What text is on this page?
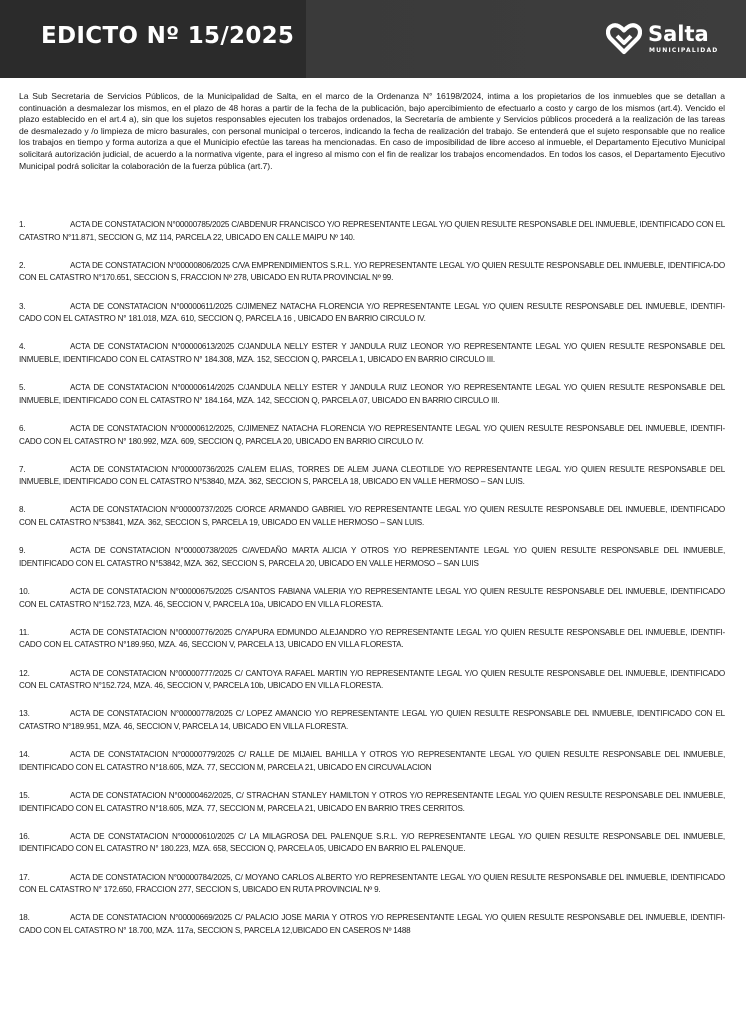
EDICTO Nº 15/2025	Salta
MUNICIPALIDAD
La Sub Secretaria de Servicios Públicos, de la Municipalidad de Salta, en el marco de la Ordenanza N° 16198/2024, intima a los propietarios de los inmuebles que se detallan a continuación a desmalezar los mismos, en el plazo de 48 horas a partir de la fecha de la publicación, bajo apercibimiento de efectuarlo a costo y cargo de los mismos (art.4). Vencido el plazo establecido en el art.4 a), sin que los sujetos responsables ejecuten los trabajos ordenados, la Secretaría de ambiente y Servicios públicos procederá a la realización de las tareas de desmalezado y /o limpieza de micro basurales, con personal municipal o terceros, indicando la fecha de realización del trabajo. Se entenderá que el sujeto responsable que no realice los trabajos en tiempo y forma autoriza a que el Municipio efectúe las tareas ha mencionadas. En caso de imposibilidad de libre acceso al inmueble, el Departamento Ejecutivo Municipal solicitará autorización judicial, de acuerdo a la normativa vigente, para el ingreso al mismo con el fin de realizar los trabajos encomendados. En todos los casos, el Departamento Ejecutivo Municipal podrá solicitar la colaboración de la fuerza pública (art.7).
1.	ACTA DE CONSTATACION N°00000785/2025 C/ABDENUR FRANCISCO Y/O REPRESENTANTE LEGAL Y/O QUIEN RESULTE RESPONSABLE DEL INMUEBLE, IDENTIFICADO CON EL CATASTRO N°11.871, SECCION G, MZ 114, PARCELA 22, UBICADO EN CALLE MAIPU Nº 140.
2.	ACTA DE CONSTATACION N°00000806/2025 C/VA EMPRENDIMIENTOS S.R.L. Y/O REPRESENTANTE LEGAL Y/O QUIEN RESULTE RESPONSABLE DEL INMUEBLE, IDENTIFICA-DO CON EL CATASTRO N°170.651, SECCION S, FRACCION Nº 278, UBICADO EN RUTA PROVINCIAL Nº 99.
3.	ACTA DE CONSTATACION N°00000611/2025 C/JIMENEZ NATACHA FLORENCIA Y/O REPRESENTANTE LEGAL Y/O QUIEN RESULTE RESPONSABLE DEL INMUEBLE, IDENTIFI-CADO CON EL CATASTRO N° 181.018, MZA. 610, SECCION Q, PARCELA 16 , UBICADO EN BARRIO CIRCULO IV.
4.	ACTA DE CONSTATACION N°00000613/2025 C/JANDULA NELLY ESTER Y JANDULA RUIZ LEONOR Y/O REPRESENTANTE LEGAL Y/O QUIEN RESULTE RESPONSABLE DEL INMUEBLE, IDENTIFICADO CON EL CATASTRO N° 184.308, MZA. 152, SECCION Q, PARCELA 1, UBICADO EN BARRIO CIRCULO III.
5.	ACTA DE CONSTATACION N°00000614/2025 C/JANDULA NELLY ESTER Y JANDULA RUIZ LEONOR Y/O REPRESENTANTE LEGAL Y/O QUIEN RESULTE RESPONSABLE DEL INMUEBLE, IDENTIFICADO CON EL CATASTRO N° 184.164, MZA. 142, SECCION Q, PARCELA 07, UBICADO EN BARRIO CIRCULO III.
6.	ACTA DE CONSTATACION N°00000612/2025, C/JIMENEZ NATACHA FLORENCIA Y/O REPRESENTANTE LEGAL Y/O QUIEN RESULTE RESPONSABLE DEL INMUEBLE, IDENTIFI-CADO CON EL CATASTRO N° 180.992, MZA. 609, SECCION Q, PARCELA 20, UBICADO EN BARRIO CIRCULO IV.
7.	ACTA DE CONSTATACION N°00000736/2025 C/ALEM ELIAS, TORRES DE ALEM JUANA CLEOTILDE Y/O REPRESENTANTE LEGAL Y/O QUIEN RESULTE RESPONSABLE DEL INMUEBLE, IDENTIFICADO CON EL CATASTRO N°53840, MZA. 362, SECCION S, PARCELA 18, UBICADO EN VALLE HERMOSO – SAN LUIS.
8.	ACTA DE CONSTATACION N°00000737/2025 C/ORCE ARMANDO GABRIEL Y/O REPRESENTANTE LEGAL Y/O QUIEN RESULTE RESPONSABLE DEL INMUEBLE, IDENTIFICADO CON EL CATASTRO N°53841, MZA. 362, SECCION S, PARCELA 19, UBICADO EN VALLE HERMOSO – SAN LUIS.
9.	ACTA DE CONSTATACION N°00000738/2025 C/AVEDAÑO MARTA ALICIA Y OTROS Y/O REPRESENTANTE LEGAL Y/O QUIEN RESULTE RESPONSABLE DEL INMUEBLE, IDENTIFICADO CON EL CATASTRO N°53842, MZA. 362, SECCION S, PARCELA 20, UBICADO EN VALLE HERMOSO – SAN LUIS
10.	ACTA DE CONSTATACION N°00000675/2025 C/SANTOS FABIANA VALERIA Y/O REPRESENTANTE LEGAL Y/O QUIEN RESULTE RESPONSABLE DEL INMUEBLE, IDENTIFICADO CON EL CATASTRO N°152.723, MZA. 46, SECCION V, PARCELA 10a, UBICADO EN VILLA FLORESTA.
11.	ACTA DE CONSTATACION N°00000776/2025 C/YAPURA EDMUNDO ALEJANDRO Y/O REPRESENTANTE LEGAL Y/O QUIEN RESULTE RESPONSABLE DEL INMUEBLE, IDENTIFI-CADO CON EL CATASTRO N°189.950, MZA. 46, SECCION V, PARCELA 13, UBICADO EN VILLA FLORESTA.
12.	ACTA DE CONSTATACION N°00000777/2025 C/ CANTOYA RAFAEL MARTIN Y/O REPRESENTANTE LEGAL Y/O QUIEN RESULTE RESPONSABLE DEL INMUEBLE, IDENTIFICADO CON EL CATASTRO N°152.724, MZA. 46, SECCION V, PARCELA 10b, UBICADO EN VILLA FLORESTA.
13.	ACTA DE CONSTATACION N°00000778/2025 C/ LOPEZ AMANCIO Y/O REPRESENTANTE LEGAL Y/O QUIEN RESULTE RESPONSABLE DEL INMUEBLE, IDENTIFICADO CON EL CATASTRO N°189.951, MZA. 46, SECCION V, PARCELA 14, UBICADO EN VILLA FLORESTA.
14.	ACTA DE CONSTATACION N°00000779/2025 C/ RALLE DE MIJAIEL BAHILLA Y OTROS Y/O REPRESENTANTE LEGAL Y/O QUIEN RESULTE RESPONSABLE DEL INMUEBLE, IDENTIFICADO CON EL CATASTRO N°18.605, MZA. 77, SECCION M, PARCELA 21, UBICADO EN CIRCUVALACION
15.	ACTA DE CONSTATACION N°00000462/2025, C/ STRACHAN STANLEY HAMILTON Y OTROS Y/O REPRESENTANTE LEGAL Y/O QUIEN RESULTE RESPONSABLE DEL INMUEBLE, IDENTIFICADO CON EL CATASTRO N°18.605, MZA. 77, SECCION M, PARCELA 21, UBICADO EN BARRIO TRES CERRITOS.
16.	ACTA DE CONSTATACION N°00000610/2025 C/ LA MILAGROSA DEL PALENQUE S.R.L. Y/O REPRESENTANTE LEGAL Y/O QUIEN RESULTE RESPONSABLE DEL INMUEBLE, IDENTIFICADO CON EL CATASTRO N° 180.223, MZA. 658, SECCION Q, PARCELA 05, UBICADO EN BARRIO EL PALENQUE.
17.	ACTA DE CONSTATACION N°00000784/2025, C/ MOYANO CARLOS ALBERTO Y/O REPRESENTANTE LEGAL Y/O QUIEN RESULTE RESPONSABLE DEL INMUEBLE, IDENTIFICADO CON EL CATASTRO N° 172.650, FRACCION 277, SECCION S, UBICADO EN RUTA PROVINCIAL Nº 9.
18.	ACTA DE CONSTATACION N°00000669/2025 C/ PALACIO JOSE MARIA Y OTROS Y/O REPRESENTANTE LEGAL Y/O QUIEN RESULTE RESPONSABLE DEL INMUEBLE, IDENTIFI-CADO CON EL CATASTRO N° 18.700, MZA. 117a, SECCION S, PARCELA 12,UBICADO EN CASEROS Nº 1488
